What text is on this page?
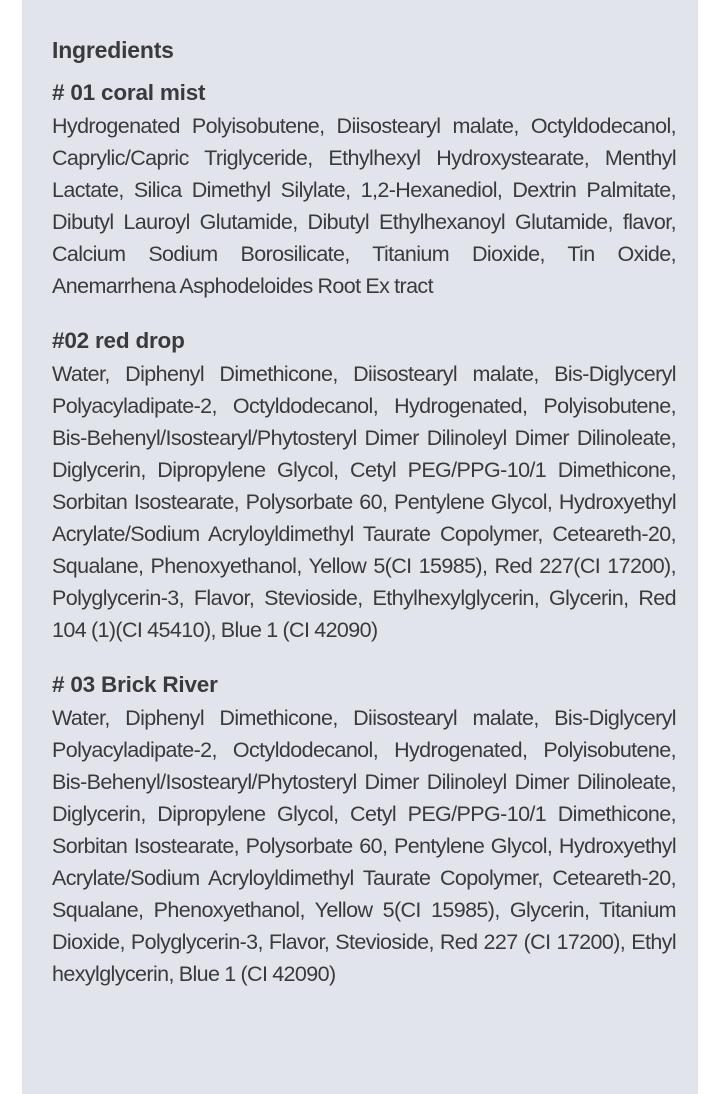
Ingredients
# 01 coral mist

Hydrogenated Polyisobutene, Diisostearyl malate, Octyldodecanol, Caprylic/Capric Triglyceride, Ethylhexyl Hydroxystearate, Menthyl Lactate, Silica Dimethyl Silylate, 1,2-Hexanediol, Dextrin Palmitate, Dibutyl Lauroyl Glutamide, Dibutyl Ethylhexanoyl Glutamide, flavor, Calcium Sodium Borosilicate, Titanium Dioxide, Tin Oxide, Anemarrhena Asphodeloides Root Ex tract

#02 red drop

Water, Diphenyl Dimethicone, Diisostearyl malate, Bis-Diglyceryl Polyacyladipate-2, Octyldodecanol, Hydrogenated, Polyisobutene, Bis-Behenyl/Isostearyl/Phytosteryl Dimer Dilinoleyl Dimer Dilinoleate, Diglycerin, Dipropylene Glycol, Cetyl PEG/PPG-10/1 Dimethicone, Sorbitan Isostearate, Polysorbate 60, Pentylene Glycol, Hydroxyethyl Acrylate/Sodium Acryloyldimethyl Taurate Copolymer, Ceteareth-20, Squalane, Phenoxyethanol, Yellow 5(CI 15985), Red 227(CI 17200), Polyglycerin-3, Flavor, Stevioside, Ethylhexylglycerin, Glycerin, Red 104 (1)(CI 45410), Blue 1 (CI 42090)

# 03 Brick River

Water, Diphenyl Dimethicone, Diisostearyl malate, Bis-Diglyceryl Polyacyladipate-2, Octyldodecanol, Hydrogenated, Polyisobutene, Bis-Behenyl/Isostearyl/Phytosteryl Dimer Dilinoleyl Dimer Dilinoleate, Diglycerin, Dipropylene Glycol, Cetyl PEG/PPG-10/1 Dimethicone, Sorbitan Isostearate, Polysorbate 60, Pentylene Glycol, Hydroxyethyl Acrylate/Sodium Acryloyldimethyl Taurate Copolymer, Ceteareth-20, Squalane, Phenoxyethanol, Yellow 5(CI 15985), Glycerin, Titanium Dioxide, Polyglycerin-3, Flavor, Stevioside, Red 227 (CI 17200), Ethyl hexylglycerin, Blue 1 (CI 42090)
